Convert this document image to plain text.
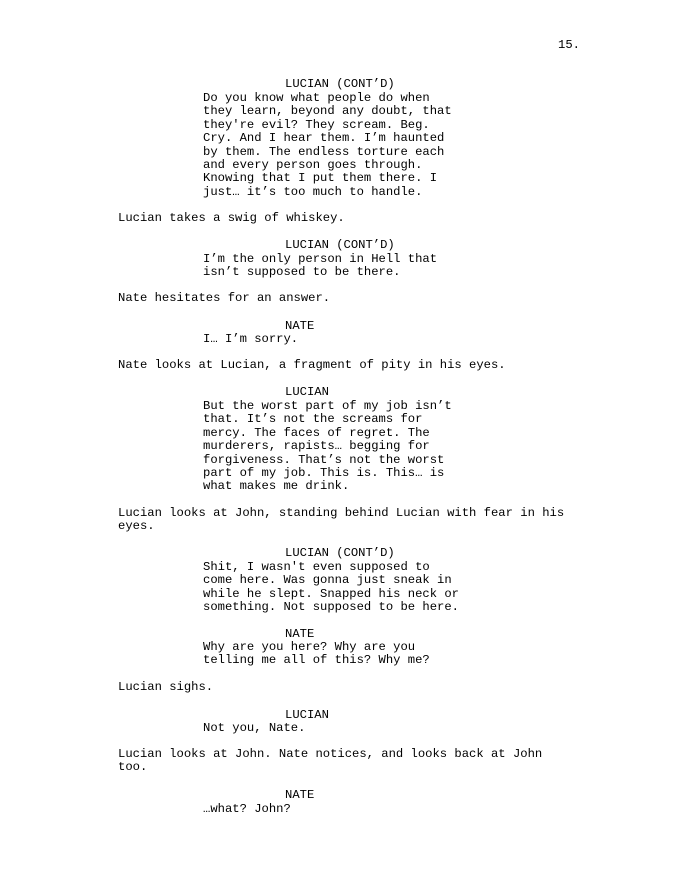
15.
LUCIAN (CONT’D)
Do you know what people do when
they learn, beyond any doubt, that
they're evil? They scream. Beg.
Cry. And I hear them. I’m haunted
by them. The endless torture each
and every person goes through.
Knowing that I put them there. I
just… it’s too much to handle.
Lucian takes a swig of whiskey.
LUCIAN (CONT’D)
I’m the only person in Hell that
isn’t supposed to be there.
Nate hesitates for an answer.
NATE
I… I’m sorry.
Nate looks at Lucian, a fragment of pity in his eyes.
LUCIAN
But the worst part of my job isn’t
that. It’s not the screams for
mercy. The faces of regret. The
murderers, rapists… begging for
forgiveness. That’s not the worst
part of my job. This is. This… is
what makes me drink.
Lucian looks at John, standing behind Lucian with fear in his
eyes.
LUCIAN (CONT’D)
Shit, I wasn't even supposed to
come here. Was gonna just sneak in
while he slept. Snapped his neck or
something. Not supposed to be here.
NATE
Why are you here? Why are you
telling me all of this? Why me?
Lucian sighs.
LUCIAN
Not you, Nate.
Lucian looks at John. Nate notices, and looks back at John
too.
NATE
…what? John?
